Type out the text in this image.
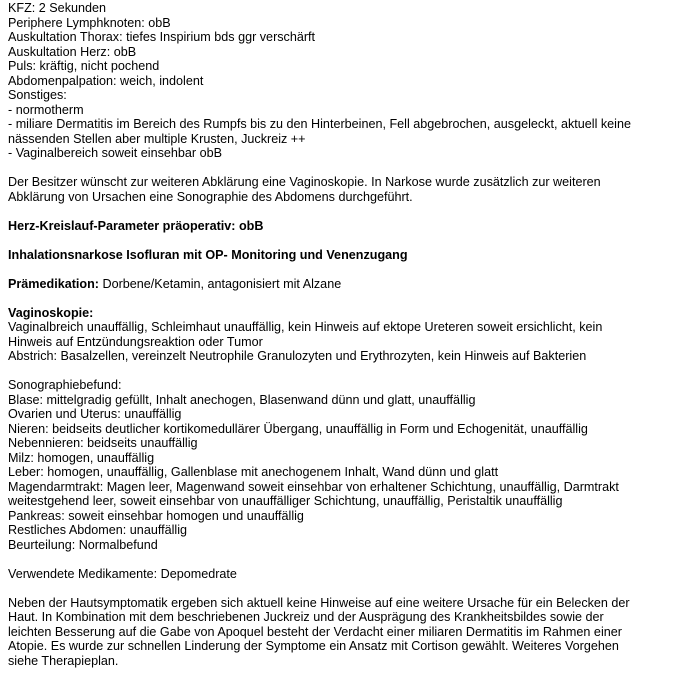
KFZ: 2 Sekunden
Periphere Lymphknoten: obB
Auskultation Thorax: tiefes Inspirium bds ggr verschärft
Auskultation Herz: obB
Puls: kräftig, nicht pochend
Abdomenpalpation: weich, indolent
Sonstiges:
- normotherm
- miliare Dermatitis im Bereich des Rumpfs bis zu den Hinterbeinen, Fell abgebrochen, ausgeleckt, aktuell keine
nässenden Stellen aber multiple Krusten, Juckreiz ++
- Vaginalbereich soweit einsehbar obB
Der Besitzer wünscht zur weiteren Abklärung eine Vaginoskopie. In Narkose wurde zusätzlich zur weiteren
Abklärung von Ursachen eine Sonographie des Abdomens durchgeführt.
Herz-Kreislauf-Parameter präoperativ: obB
Inhalationsnarkose Isofluran mit OP- Monitoring und Venenzugang
Prämedikation: Dorbene/Ketamin, antagonisiert mit Alzane
Vaginoskopie:
Vaginalbreich unauffällig, Schleimhaut unauffällig, kein Hinweis auf ektope Ureteren soweit ersichlicht, kein
Hinweis auf Entzündungsreaktion oder Tumor
Abstrich: Basalzellen, vereinzelt Neutrophile Granulozyten und Erythrozyten, kein Hinweis auf Bakterien
Sonographiebefund:
Blase: mittelgradig gefüllt, Inhalt anechogen, Blasenwand dünn und glatt, unauffällig
Ovarien und Uterus: unauffällig
Nieren: beidseits deutlicher kortikomedullärer Übergang, unauffällig in Form und Echogenität, unauffällig
Nebennieren: beidseits unauffällig
Milz: homogen, unauffällig
Leber: homogen, unauffällig, Gallenblase mit anechogenem Inhalt, Wand dünn und glatt
Magendarmtrakt: Magen leer, Magenwand soweit einsehbar von erhaltener Schichtung, unauffällig, Darmtrakt
weitestgehend leer, soweit einsehbar von unauffälliger Schichtung, unauffällig, Peristaltik unauffällig
Pankreas: soweit einsehbar homogen und unauffällig
Restliches Abdomen: unauffällig
Beurteilung: Normalbefund
Verwendete Medikamente: Depomedrate
Neben der Hautsymptomatik ergeben sich aktuell keine Hinweise auf eine weitere Ursache für ein Belecken der
Haut. In Kombination mit dem beschriebenen Juckreiz und der Ausprägung des Krankheitsbildes sowie der
leichten Besserung auf die Gabe von Apoquel besteht der Verdacht einer miliaren Dermatitis im Rahmen einer
Atopie. Es wurde zur schnellen Linderung der Symptome ein Ansatz mit Cortison gewählt. Weiteres Vorgehen
siehe Therapieplan.
